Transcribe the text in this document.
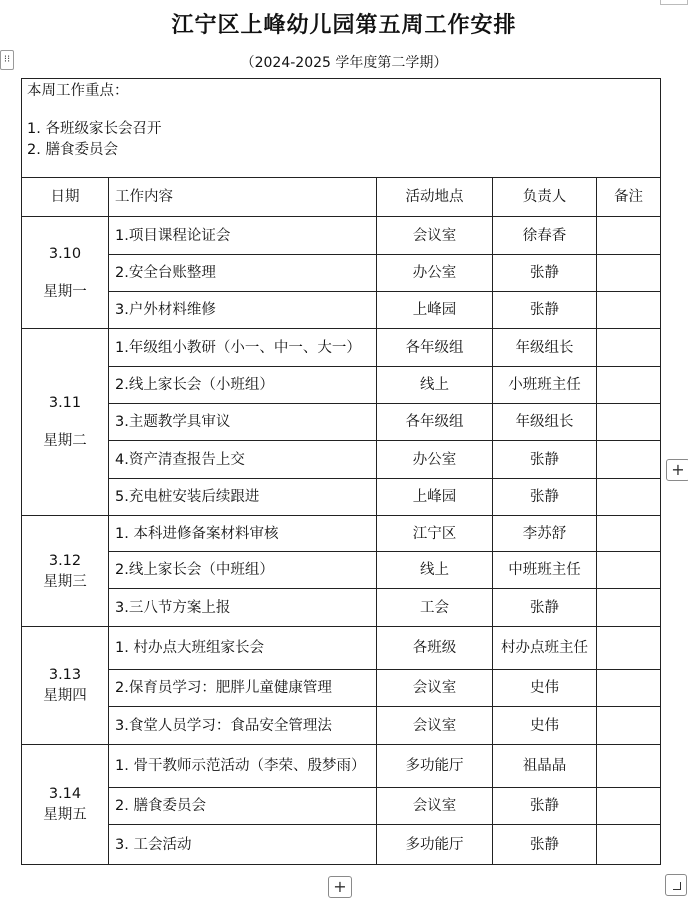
江宁区上峰幼儿园第五周工作安排
（2024-2025 学年度第二学期）
⁝⁝
本周工作重点：
1. 各班级家长会召开
2. 膳食委员会				

日期	工作内容	活动地点	负责人	备注

3.10
星期一	1.项目课程论证会	会议室	徐春香	
	2.安全台账整理	办公室	张静	
	3.户外材料维修	上峰园	张静	

3.11
星期二	1.年级组小教研（小一、中一、大一）	各年级组	年级组长	
	2.线上家长会（小班组）	线上	小班班主任	
	3.主题教学具审议	各年级组	年级组长	
	4.资产清查报告上交	办公室	张静	
	5.充电桩安装后续跟进	上峰园	张静	

3.12
星期三	1. 本科进修备案材料审核	江宁区	李苏舒	
	2.线上家长会（中班组）	线上	中班班主任	
	3.三八节方案上报	工会	张静	

3.13
星期四	1. 村办点大班组家长会	各班级	村办点班主任	
	2.保育员学习：肥胖儿童健康管理	会议室	史伟	
	3.食堂人员学习：食品安全管理法	会议室	史伟	

3.14
星期五	1. 骨干教师示范活动（李荣、殷梦雨）	多功能厅	祖晶晶	
	2. 膳食委员会	会议室	张静	
	3. 工会活动	多功能厅	张静	
+
+
